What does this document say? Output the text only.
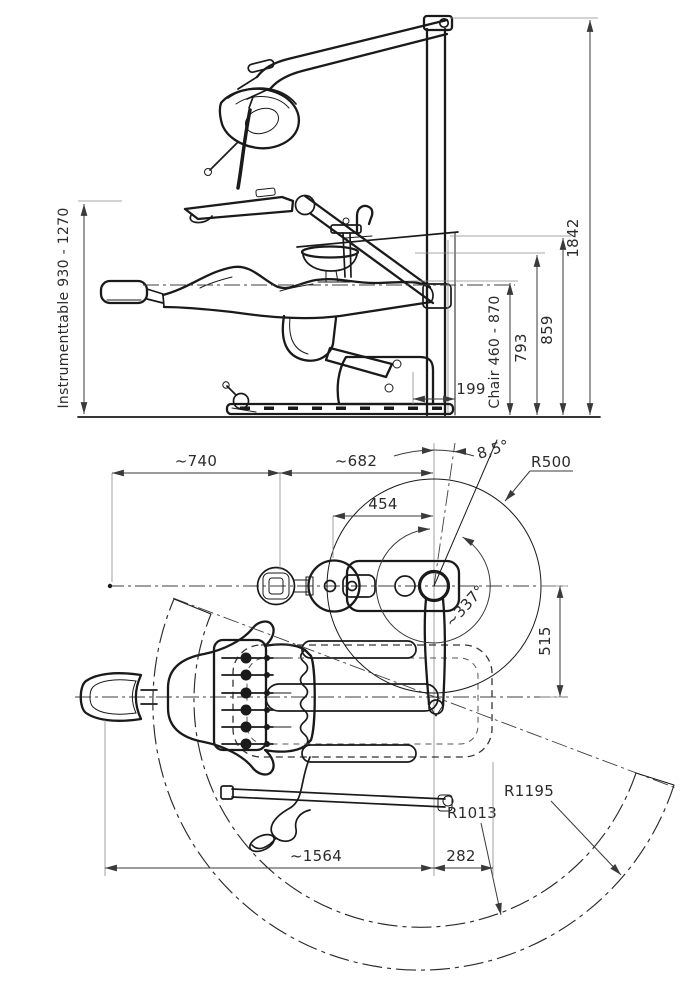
Instrumenttable 930 - 1270	1842
859
793
Chair 460 - 870
199
~740	~682
454
8,5° R500
~337°
515
R1013
R1195
~1564	282
